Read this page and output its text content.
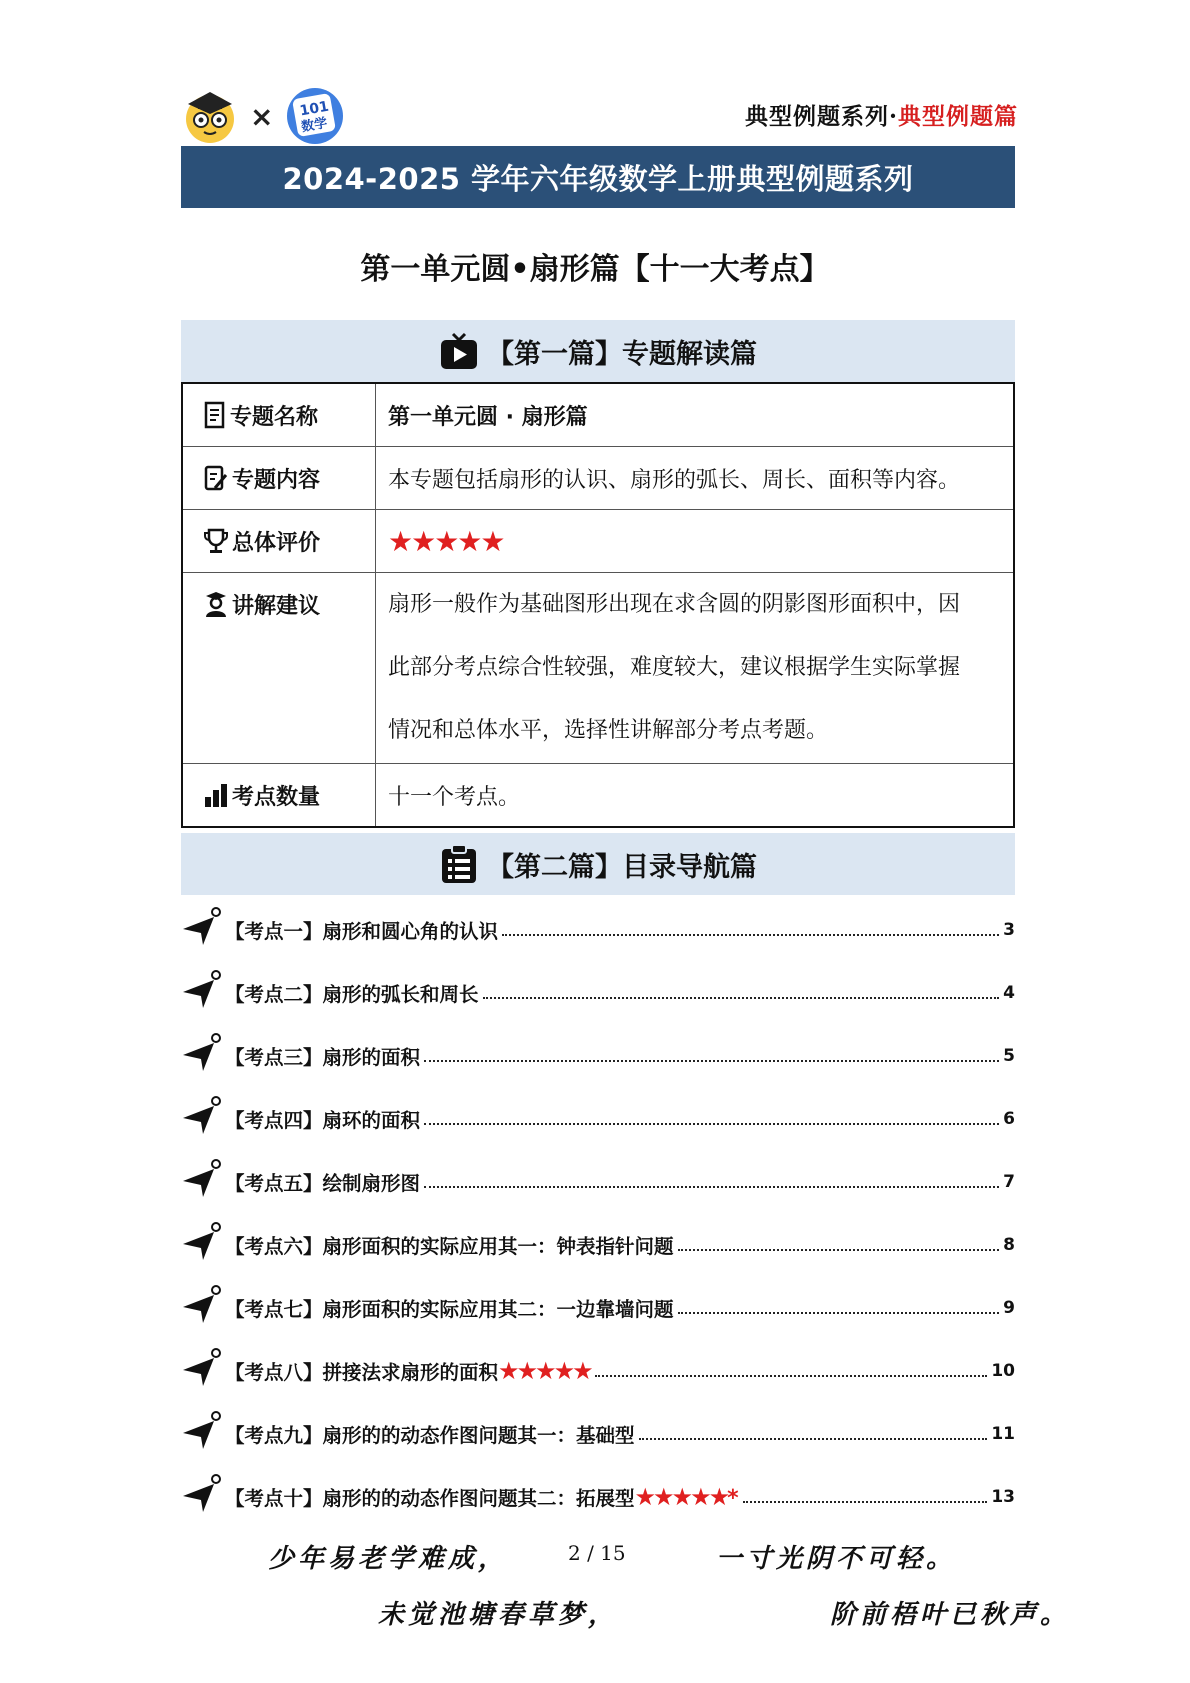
× 101
数学	典型例题系列·典型例题篇
2024-2025 学年六年级数学上册典型例题系列
第一单元圆•扇形篇【十一大考点】
【第一篇】专题解读篇
专题名称	第一单元圆 · 扇形篇

专题内容	本专题包括扇形的认识、扇形的弧长、周长、面积等内容。

总体评价	★★★★★

讲解建议	扇形一般作为基础图形出现在求含圆的阴影图形面积中，因
此部分考点综合性较强，难度较大，建议根据学生实际掌握
情况和总体水平，选择性讲解部分考点考题。

考点数量	十一个考点。
【第二篇】目录导航篇
【考点一】扇形和圆心角的认识	3
【考点二】扇形的弧长和周长	4
【考点三】扇形的面积	5
【考点四】扇环的面积	6
【考点五】绘制扇形图	7
【考点六】扇形面积的实际应用其一：钟表指针问题	8
【考点七】扇形面积的实际应用其二：一边靠墙问题	9
【考点八】拼接法求扇形的面积★★★★★	10
【考点九】扇形的的动态作图问题其一：基础型	11
【考点十】扇形的的动态作图问题其二：拓展型★★★★★*	13
少年易老学难成，	2 / 15	一寸光阴不可轻。
未觉池塘春草梦，	阶前梧叶已秋声。
